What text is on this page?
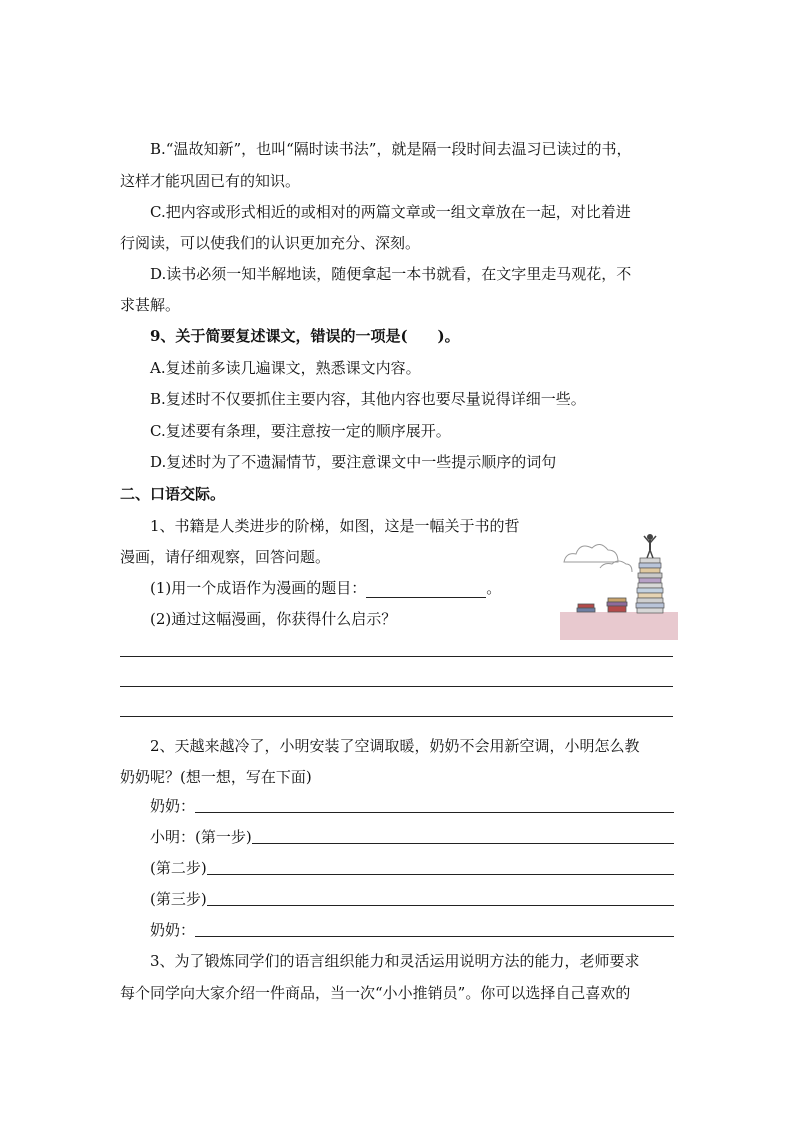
B.“温故知新”，也叫“隔时读书法”，就是隔一段时间去温习已读过的书，
这样才能巩固已有的知识。
C.把内容或形式相近的或相对的两篇文章或一组文章放在一起，对比着进
行阅读，可以使我们的认识更加充分、深刻。
D.读书必须一知半解地读，随便拿起一本书就看，在文字里走马观花，不
求甚解。
9、关于简要复述课文，错误的一项是(　　)。
A.复述前多读几遍课文，熟悉课文内容。
B.复述时不仅要抓住主要内容，其他内容也要尽量说得详细一些。
C.复述要有条理，要注意按一定的顺序展开。
D.复述时为了不遗漏情节，要注意课文中一些提示顺序的词句
二、口语交际。
1、书籍是人类进步的阶梯，如图，这是一幅关于书的哲
漫画，请仔细观察，回答问题。
(1)用一个成语作为漫画的题目：	。
(2)通过这幅漫画，你获得什么启示？
2、天越来越冷了，小明安装了空调取暖，奶奶不会用新空调，小明怎么教
奶奶呢？(想一想，写在下面)
奶奶：
小明：(第一步)
(第二步)
(第三步)
奶奶：
3、为了锻炼同学们的语言组织能力和灵活运用说明方法的能力，老师要求
每个同学向大家介绍一件商品，当一次“小小推销员”。你可以选择自己喜欢的
